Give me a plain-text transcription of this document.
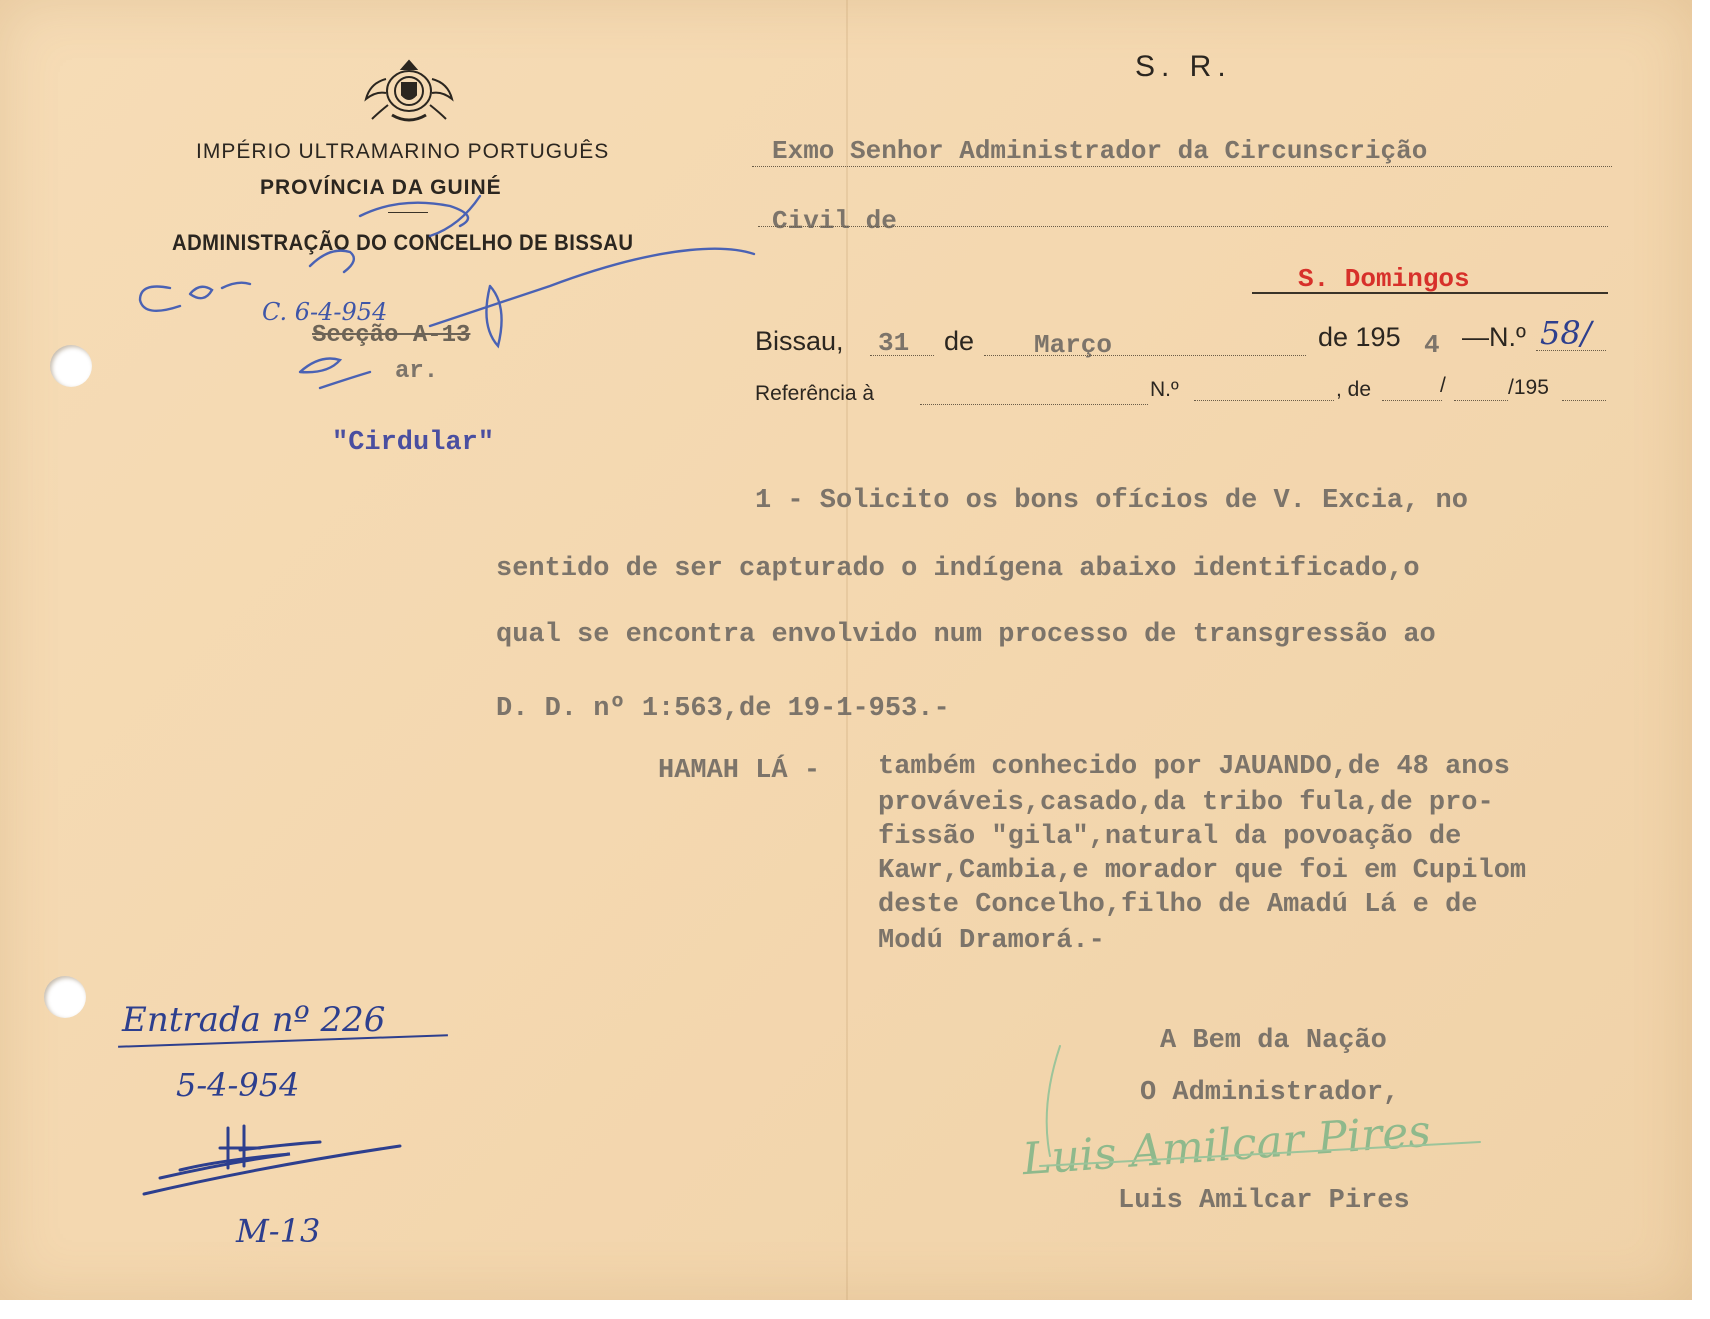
IMPÉRIO ULTRAMARINO PORTUGUÊS
PROVÍNCIA DA GUINÉ
ADMINISTRAÇÃO DO CONCELHO DE BISSAU
C. 6-4-954
Secção A-13
ar.
"Cirdular"
S. R.
Exmo Senhor Administrador da Circunscrição
Civil de
S. Domingos
Bissau, 31 de Março	de 195 4 —N.º 58/
Referência à	N.º	, de	/	/195
1 - Solicito os bons ofícios de V. Excia, no
sentido de ser capturado o indígena abaixo identificado,o
qual se encontra envolvido num processo de transgressão ao
D. D. nº 1:563,de 19-1-953.-
HAMAH LÁ - também conhecido por JAUANDO,de 48 anos
prováveis,casado,da tribo fula,de pro-
fissão "gila",natural da povoação de
Kawr,Cambia,e morador que foi em Cupilom
deste Concelho,filho de Amadú Lá e de
Modú Dramorá.-
Entrada nº 226
5-4-954
M-13
A Bem da Nação
O Administrador,
Luis Amilcar Pires
Luis Amilcar Pires
